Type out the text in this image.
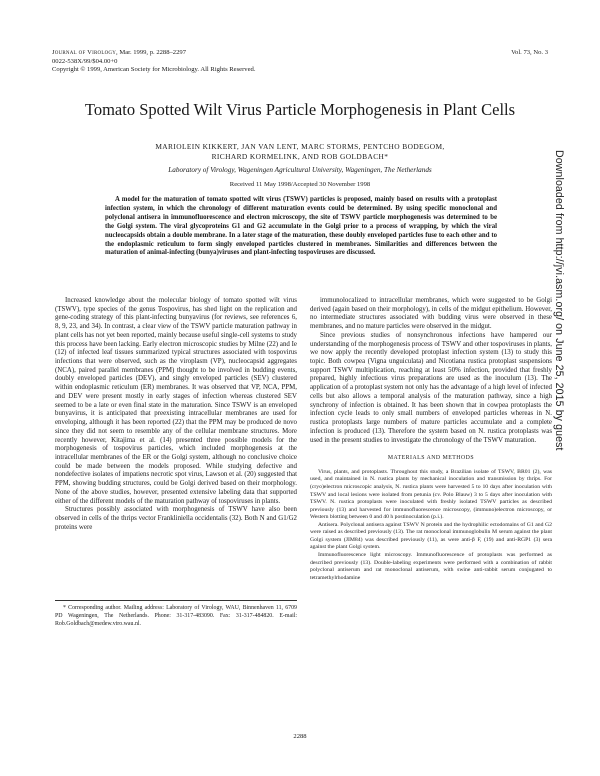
Journal of Virology, Mar. 1999, p. 2288–2297
0022-538X/99/$04.00+0
Copyright © 1999, American Society for Microbiology. All Rights Reserved.
Vol. 73, No. 3
Tomato Spotted Wilt Virus Particle Morphogenesis in Plant Cells
MARIOLEIN KIKKERT, JAN VAN LENT, MARC STORMS, PENTCHO BODEGOM,
RICHARD KORMELINK, AND ROB GOLDBACH*
Laboratory of Virology, Wageningen Agricultural University, Wageningen, The Netherlands
Received 11 May 1998/Accepted 30 November 1998
A model for the maturation of tomato spotted wilt virus (TSWV) particles is proposed, mainly based on results with a protoplast infection system, in which the chronology of different maturation events could be determined. By using specific monoclonal and polyclonal antisera in immunofluorescence and electron microscopy, the site of TSWV particle morphogenesis was determined to be the Golgi system. The viral glycoproteins G1 and G2 accumulate in the Golgi prior to a process of wrapping, by which the viral nucleocapsids obtain a double membrane. In a later stage of the maturation, these doubly enveloped particles fuse to each other and to the endoplasmic reticulum to form singly enveloped particles clustered in membranes. Similarities and differences between the maturation of animal-infecting (bunya)viruses and plant-infecting tospoviruses are discussed.

Increased knowledge about the molecular biology of tomato spotted wilt virus (TSWV), type species of the genus Tospovirus, has shed light on the replication and gene-coding strategy of this plant-infecting bunyavirus (for reviews, see references 6, 8, 9, 23, and 34). In contrast, a clear view of the TSWV particle maturation pathway in plant cells has not yet been reported, mainly because useful single-cell systems to study this process have been lacking. Early electron microscopic studies by Milne (22) and Ie (12) of infected leaf tissues summarized typical structures associated with tospovirus infections that were observed, such as the viroplasm (VP), nucleocapsid aggregates (NCA), paired parallel membranes (PPM) thought to be involved in budding events, doubly enveloped particles (DEV), and singly enveloped particles (SEV) clustered within endoplasmic reticulum (ER) membranes. It was observed that VP, NCA, PPM, and DEV were present mostly in early stages of infection whereas clustered SEV seemed to be a late or even final state in the maturation. Since TSWV is an enveloped bunyavirus, it is anticipated that preexisting intracellular membranes are used for enveloping, although it has been reported (22) that the PPM may be produced de novo since they did not seem to resemble any of the cellular membrane structures. More recently however, Kitajima et al. (14) presented three possible models for the morphogenesis of tospovirus particles, which included morphogenesis at the intracellular membranes of the ER or the Golgi system, although no conclusive choice could be made between the models proposed. While studying defective and nondefective isolates of impatiens necrotic spot virus, Lawson et al. (20) suggested that PPM, showing budding structures, could be Golgi derived based on their morphology. None of the above studies, however, presented extensive labeling data that supported either of the different models of the maturation pathway of tospoviruses in plants.

Structures possibly associated with morphogenesis of TSWV have also been observed in cells of the thrips vector Frankliniella occidentalis (32). Both N and G1/G2 proteins were

immunolocalized to intracellular membranes, which were suggested to be Golgi derived (again based on their morphology), in cells of the midgut epithelium. However, no intermediate structures associated with budding virus were observed in these membranes, and no mature particles were observed in the midgut.

Since previous studies of nonsynchronous infections have hampered our understanding of the morphogenesis process of TSWV and other tospoviruses in plants, we now apply the recently developed protoplast infection system (13) to study this topic. Both cowpea (Vigna unguiculata) and Nicotiana rustica protoplast suspensions support TSWV multiplication, reaching at least 50% infection, provided that freshly prepared, highly infectious virus preparations are used as the inoculum (13). The application of a protoplast system not only has the advantage of a high level of infected cells but also allows a temporal analysis of the maturation pathway, since a high synchrony of infection is obtained. It has been shown that in cowpea protoplasts the infection cycle leads to only small numbers of enveloped particles whereas in N. rustica protoplasts large numbers of mature particles accumulate and a complete infection is produced (13). Therefore the system based on N. rustica protoplasts was used in the present studies to investigate the chronology of the TSWV maturation.

MATERIALS AND METHODS

Virus, plants, and protoplasts. Throughout this study, a Brazilian isolate of TSWV, BR01 (2), was used, and maintained in N. rustica plants by mechanical inoculation and transmission by thrips. For (cryo)electron microscopic analysis, N. rustica plants were harvested 5 to 10 days after inoculation with TSWV and local lesions were isolated from petunia (cv. Polo Blauw) 3 to 5 days after inoculation with TSWV. N. rustica protoplasts were inoculated with freshly isolated TSWV particles as described previously (13) and harvested for immunofluorescence microscopy, (immuno)electron microscopy, or Western blotting between 0 and 40 h postinoculation (p.i.).

Antisera. Polyclonal antisera against TSWV N protein and the hydrophilic ectodomains of G1 and G2 were raised as described previously (13). The rat monoclonal immunoglobulin M serum against the plant Golgi system (JIM84) was described previously (11), as were anti-β F, (19) and anti-RGP1 (3) sera against the plant Golgi system.

Immunofluorescence light microscopy. Immunofluorescence of protoplasts was performed as described previously (13). Double-labeling experiments were performed with a combination of rabbit polyclonal antiserum and rat monoclonal antiserum, with swine anti-rabbit serum conjugated to tetramethylrhodamine

* Corresponding author. Mailing address: Laboratory of Virology, WAU, Binnenhaven 11, 6709 PD Wageningen, The Netherlands. Phone: 31-317-483090. Fax: 31-317-484820. E-mail: Rob.Goldbach@medew.viro.wau.nl.
2288
Downloaded from http://jvi.asm.org/ on June 25, 2015 by guest
